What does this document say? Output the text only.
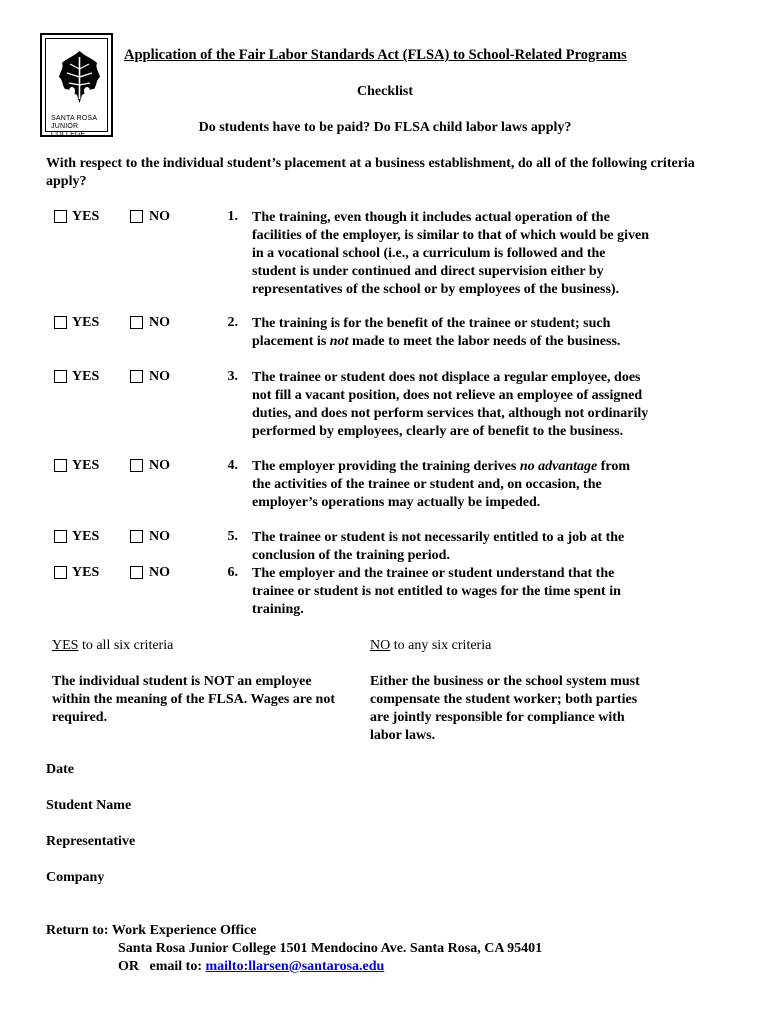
SANTA ROSA
JUNIOR COLLEGE
Application of the Fair Labor Standards Act (FLSA) to School-Related Programs
Checklist
Do students have to be paid? Do FLSA child labor laws apply?
With respect to the individual student’s placement at a business establishment, do all of the following criteria apply?
YES	NO	1. The training, even though it includes actual operation of the facilities of the employer, is similar to that of which would be given in a vocational school (i.e., a curriculum is followed and the student is under continued and direct supervision either by representatives of the school or by employees of the business).
YES	NO	2. The training is for the benefit of the trainee or student; such placement is not made to meet the labor needs of the business.
YES	NO	3. The trainee or student does not displace a regular employee, does not fill a vacant position, does not relieve an employee of assigned duties, and does not perform services that, although not ordinarily performed by employees, clearly are of benefit to the business.
YES	NO	4. The employer providing the training derives no advantage from the activities of the trainee or student and, on occasion, the employer’s operations may actually be impeded.
YES	NO	5. The trainee or student is not necessarily entitled to a job at the conclusion of the training period.
YES	NO	6. The employer and the trainee or student understand that the trainee or student is not entitled to wages for the time spent in training.
YES to all six criteria	NO to any six criteria
The individual student is NOT an employee within the meaning of the FLSA. Wages are not required.
Either the business or the school system must compensate the student worker; both parties are jointly responsible for compliance with labor laws.
Date
Student Name
Representative
Company
Return to: Work Experience Office
Santa Rosa Junior College 1501 Mendocino Ave. Santa Rosa, CA 95401
OR   email to: mailto:llarsen@santarosa.edu
